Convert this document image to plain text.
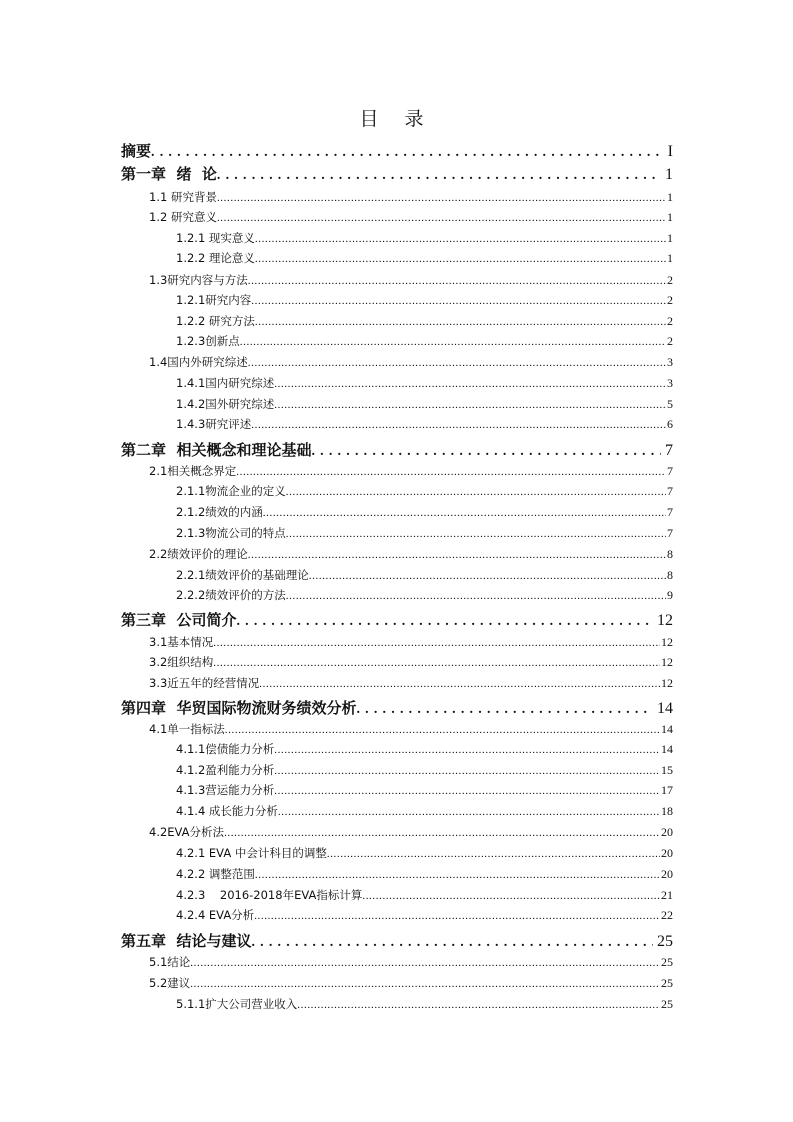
目 录
摘要 .....	I
第一章  绪  论 .....	1
1.1 研究背景 .....	1
1.2 研究意义 .....	1
1.2.1 现实意义 .....	1
1.2.2 理论意义 .....	1
1.3研究内容与方法 .....	2
1.2.1研究内容 .....	2
1.2.2 研究方法 .....	2
1.2.3创新点 .....	2
1.4国内外研究综述 .....	3
1.4.1国内研究综述 .....	3
1.4.2国外研究综述 .....	5
1.4.3研究评述 .....	6
第二章  相关概念和理论基础 .....	7
2.1相关概念界定 .....	7
2.1.1物流企业的定义 .....	7
2.1.2绩效的内涵 .....	7
2.1.3物流公司的特点 .....	7
2.2绩效评价的理论 .....	8
2.2.1绩效评价的基础理论 .....	8
2.2.2绩效评价的方法 .....	9
第三章  公司简介 .....	12
3.1基本情况 .....	12
3.2组织结构 .....	12
3.3近五年的经营情况 .....	12
第四章  华贸国际物流财务绩效分析 .....	14
4.1单一指标法 .....	14
4.1.1偿债能力分析 .....	14
4.1.2盈利能力分析 .....	15
4.1.3营运能力分析 .....	17
4.1.4 成长能力分析 .....	18
4.2EVA分析法 .....	20
4.2.1 EVA 中会计科目的调整 .....	20
4.2.2 调整范围 .....	20
4.2.3    2016-2018年EVA指标计算 .....	21
4.2.4 EVA分析 .....	22
第五章  结论与建议 .....	25
5.1结论 .....	25
5.2建议 .....	25
5.1.1扩大公司营业收入 .....	25
